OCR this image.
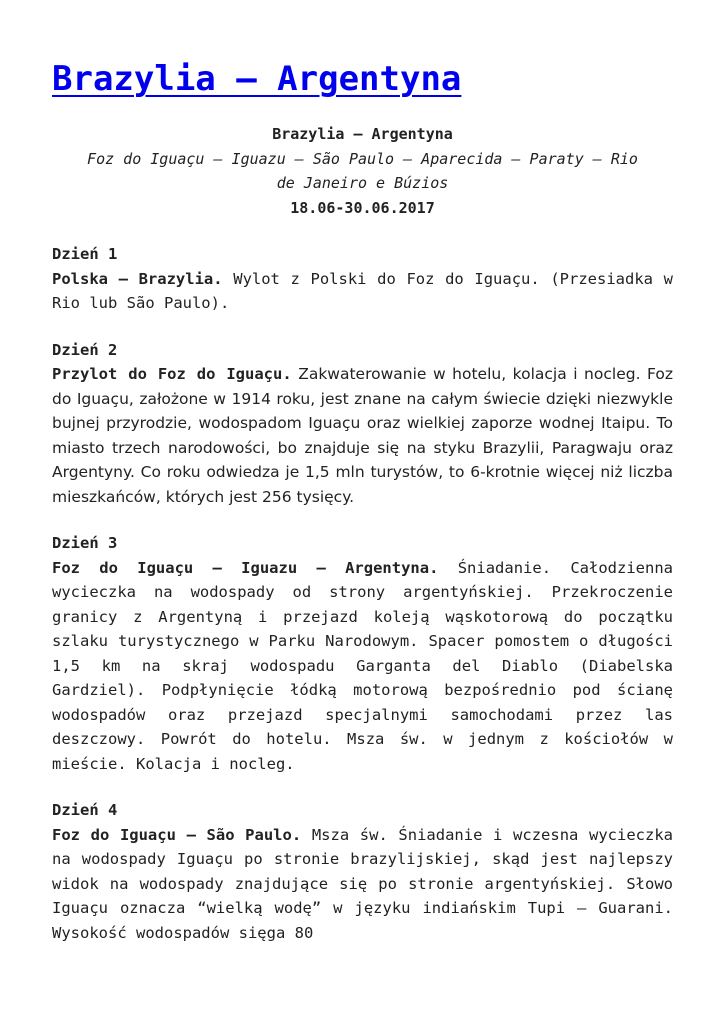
Brazylia – Argentyna
Brazylia – Argentyna
Foz do Iguaçu – Iguazu – São Paulo – Aparecida – Paraty – Rio
de Janeiro e Búzios
18.06-30.06.2017
Dzień 1

Polska – Brazylia. Wylot z Polski do Foz do Iguaçu. (Przesiadka w Rio lub São Paulo).

Dzień 2

Przylot do Foz do Iguaçu. Zakwaterowanie w hotelu, kolacja i nocleg. Foz do Iguaçu, założone w 1914 roku, jest znane na całym świecie dzięki niezwykle bujnej przyrodzie, wodospadom Iguaçu oraz wielkiej zaporze wodnej Itaipu. To miasto trzech narodowości, bo znajduje się na styku Brazylii, Paragwaju oraz Argentyny. Co roku odwiedza je 1,5 mln turystów, to 6-krotnie więcej niż liczba mieszkańców, których jest 256 tysięcy.

Dzień 3

Foz do Iguaçu – Iguazu – Argentyna. Śniadanie. Całodzienna wycieczka na wodospady od strony argentyńskiej. Przekroczenie granicy z Argentyną i przejazd koleją wąskotorową do początku szlaku turystycznego w Parku Narodowym. Spacer pomostem o długości 1,5 km na skraj wodospadu Garganta del Diablo (Diabelska Gardziel). Podpłynięcie łódką motorową bezpośrednio pod ścianę wodospadów oraz przejazd specjalnymi samochodami przez las deszczowy. Powrót do hotelu. Msza św. w jednym z kościołów w mieście. Kolacja i nocleg.

Dzień 4

Foz do Iguaçu – São Paulo. Msza św. Śniadanie i wczesna wycieczka na wodospady Iguaçu po stronie brazylijskiej, skąd jest najlepszy widok na wodospady znajdujące się po stronie argentyńskiej. Słowo Iguaçu oznacza “wielką wodę” w języku indiańskim Tupi – Guarani. Wysokość wodospadów sięga 80
